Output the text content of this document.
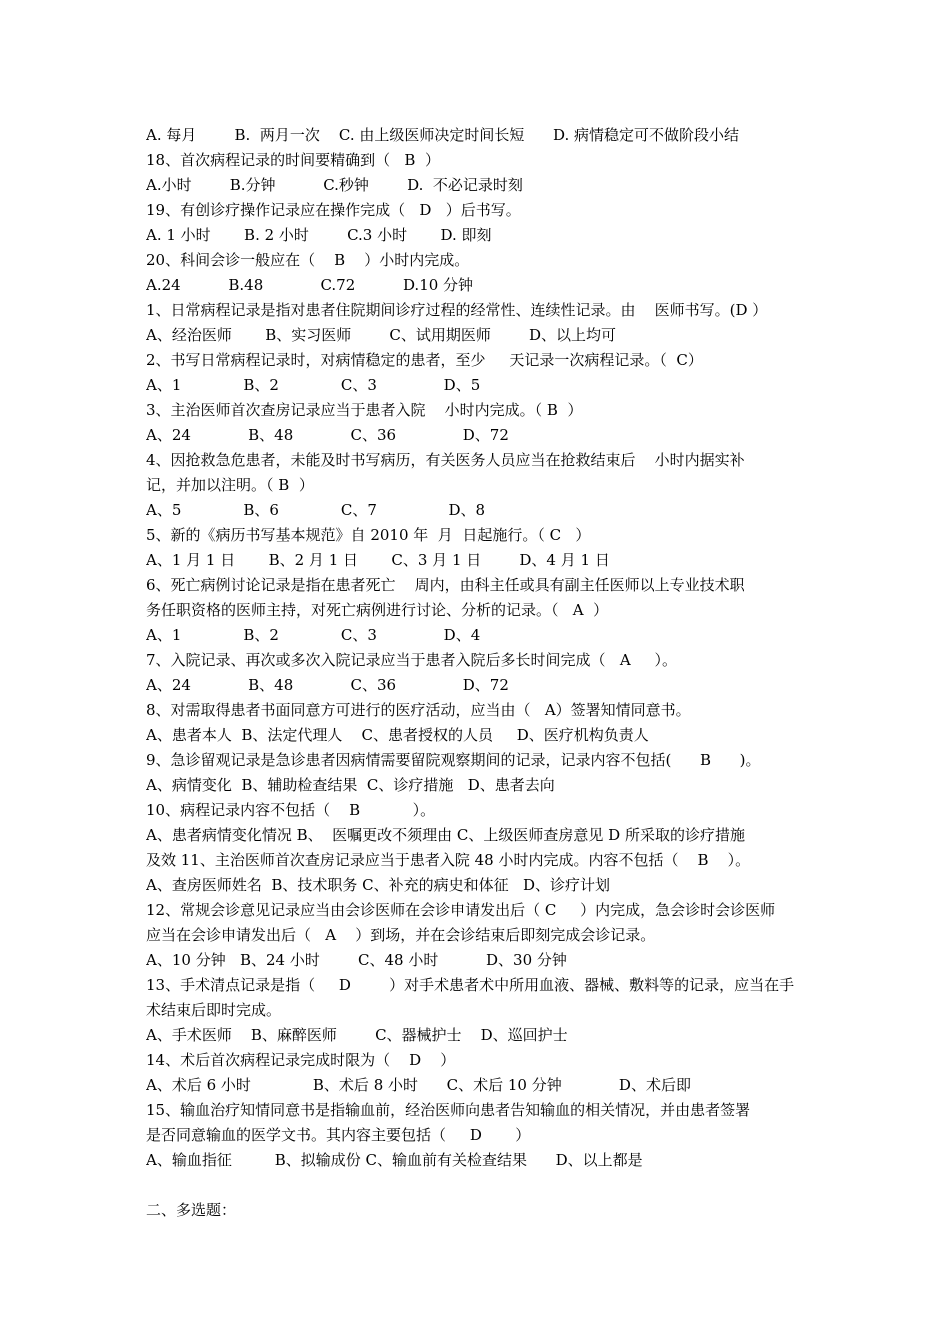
A. 每月        B.  两月一次    C. 由上级医师决定时间长短      D. 病情稳定可不做阶段小结
18、首次病程记录的时间要精确到（   B  ）
A.小时        B.分钟          C.秒钟        D.  不必记录时刻
19、有创诊疗操作记录应在操作完成（   D   ）后书写。
A. 1 小时       B. 2 小时        C.3 小时       D. 即刻
20、科间会诊一般应在（    B    ）小时内完成。
A.24          B.48            C.72          D.10 分钟
1、日常病程记录是指对患者住院期间诊疗过程的经常性、连续性记录。由    医师书写。(D ）
A、经治医师       B、实习医师        C、试用期医师        D、以上均可
2、书写日常病程记录时，对病情稳定的患者，至少     天记录一次病程记录。（  C）
A、1             B、2             C、3              D、5
3、主治医师首次查房记录应当于患者入院    小时内完成。（ B  ）
A、24            B、48            C、36              D、72
4、因抢救急危患者，未能及时书写病历，有关医务人员应当在抢救结束后    小时内据实补
记，并加以注明。（ B  ）
A、5             B、6             C、7               D、8
5、新的《病历书写基本规范》自 2010 年  月  日起施行。（ C   ）
A、1 月 1 日       B、2 月 1 日       C、3 月 1 日        D、4 月 1 日
6、死亡病例讨论记录是指在患者死亡    周内，由科主任或具有副主任医师以上专业技术职
务任职资格的医师主持，对死亡病例进行讨论、分析的记录。（   A  ）
A、1             B、2             C、3              D、4
7、入院记录、再次或多次入院记录应当于患者入院后多长时间完成（   A     ）。
A、24            B、48            C、36              D、72
8、对需取得患者书面同意方可进行的医疗活动，应当由（   A）签署知情同意书。
A、患者本人  B、法定代理人    C、患者授权的人员     D、医疗机构负责人
9、急诊留观记录是急诊患者因病情需要留院观察期间的记录，记录内容不包括(      B      )。
A、病情变化  B、辅助检查结果  C、诊疗措施   D、患者去向
10、病程记录内容不包括（    B           ）。
A、患者病情变化情况 B、  医嘱更改不须理由 C、上级医师查房意见 D 所采取的诊疗措施
及效 11、主治医师首次查房记录应当于患者入院 48 小时内完成。内容不包括（    B    ）。
A、查房医师姓名  B、技术职务 C、补充的病史和体征   D、诊疗计划
12、常规会诊意见记录应当由会诊医师在会诊申请发出后（ C     ）内完成，急会诊时会诊医师
应当在会诊申请发出后（   A    ）到场，并在会诊结束后即刻完成会诊记录。
A、10 分钟   B、24 小时        C、48 小时          D、30 分钟
13、手术清点记录是指（     D        ）对手术患者术中所用血液、器械、敷料等的记录，应当在手
术结束后即时完成。
A、手术医师    B、麻醉医师        C、器械护士    D、巡回护士
14、术后首次病程记录完成时限为（    D    ）
A、术后 6 小时             B、术后 8 小时      C、术后 10 分钟            D、术后即
15、输血治疗知情同意书是指输血前，经治医师向患者告知输血的相关情况，并由患者签署
是否同意输血的医学文书。其内容主要包括（     D       ）
A、输血指征         B、拟输成份 C、输血前有关检查结果      D、以上都是
二、多选题：
